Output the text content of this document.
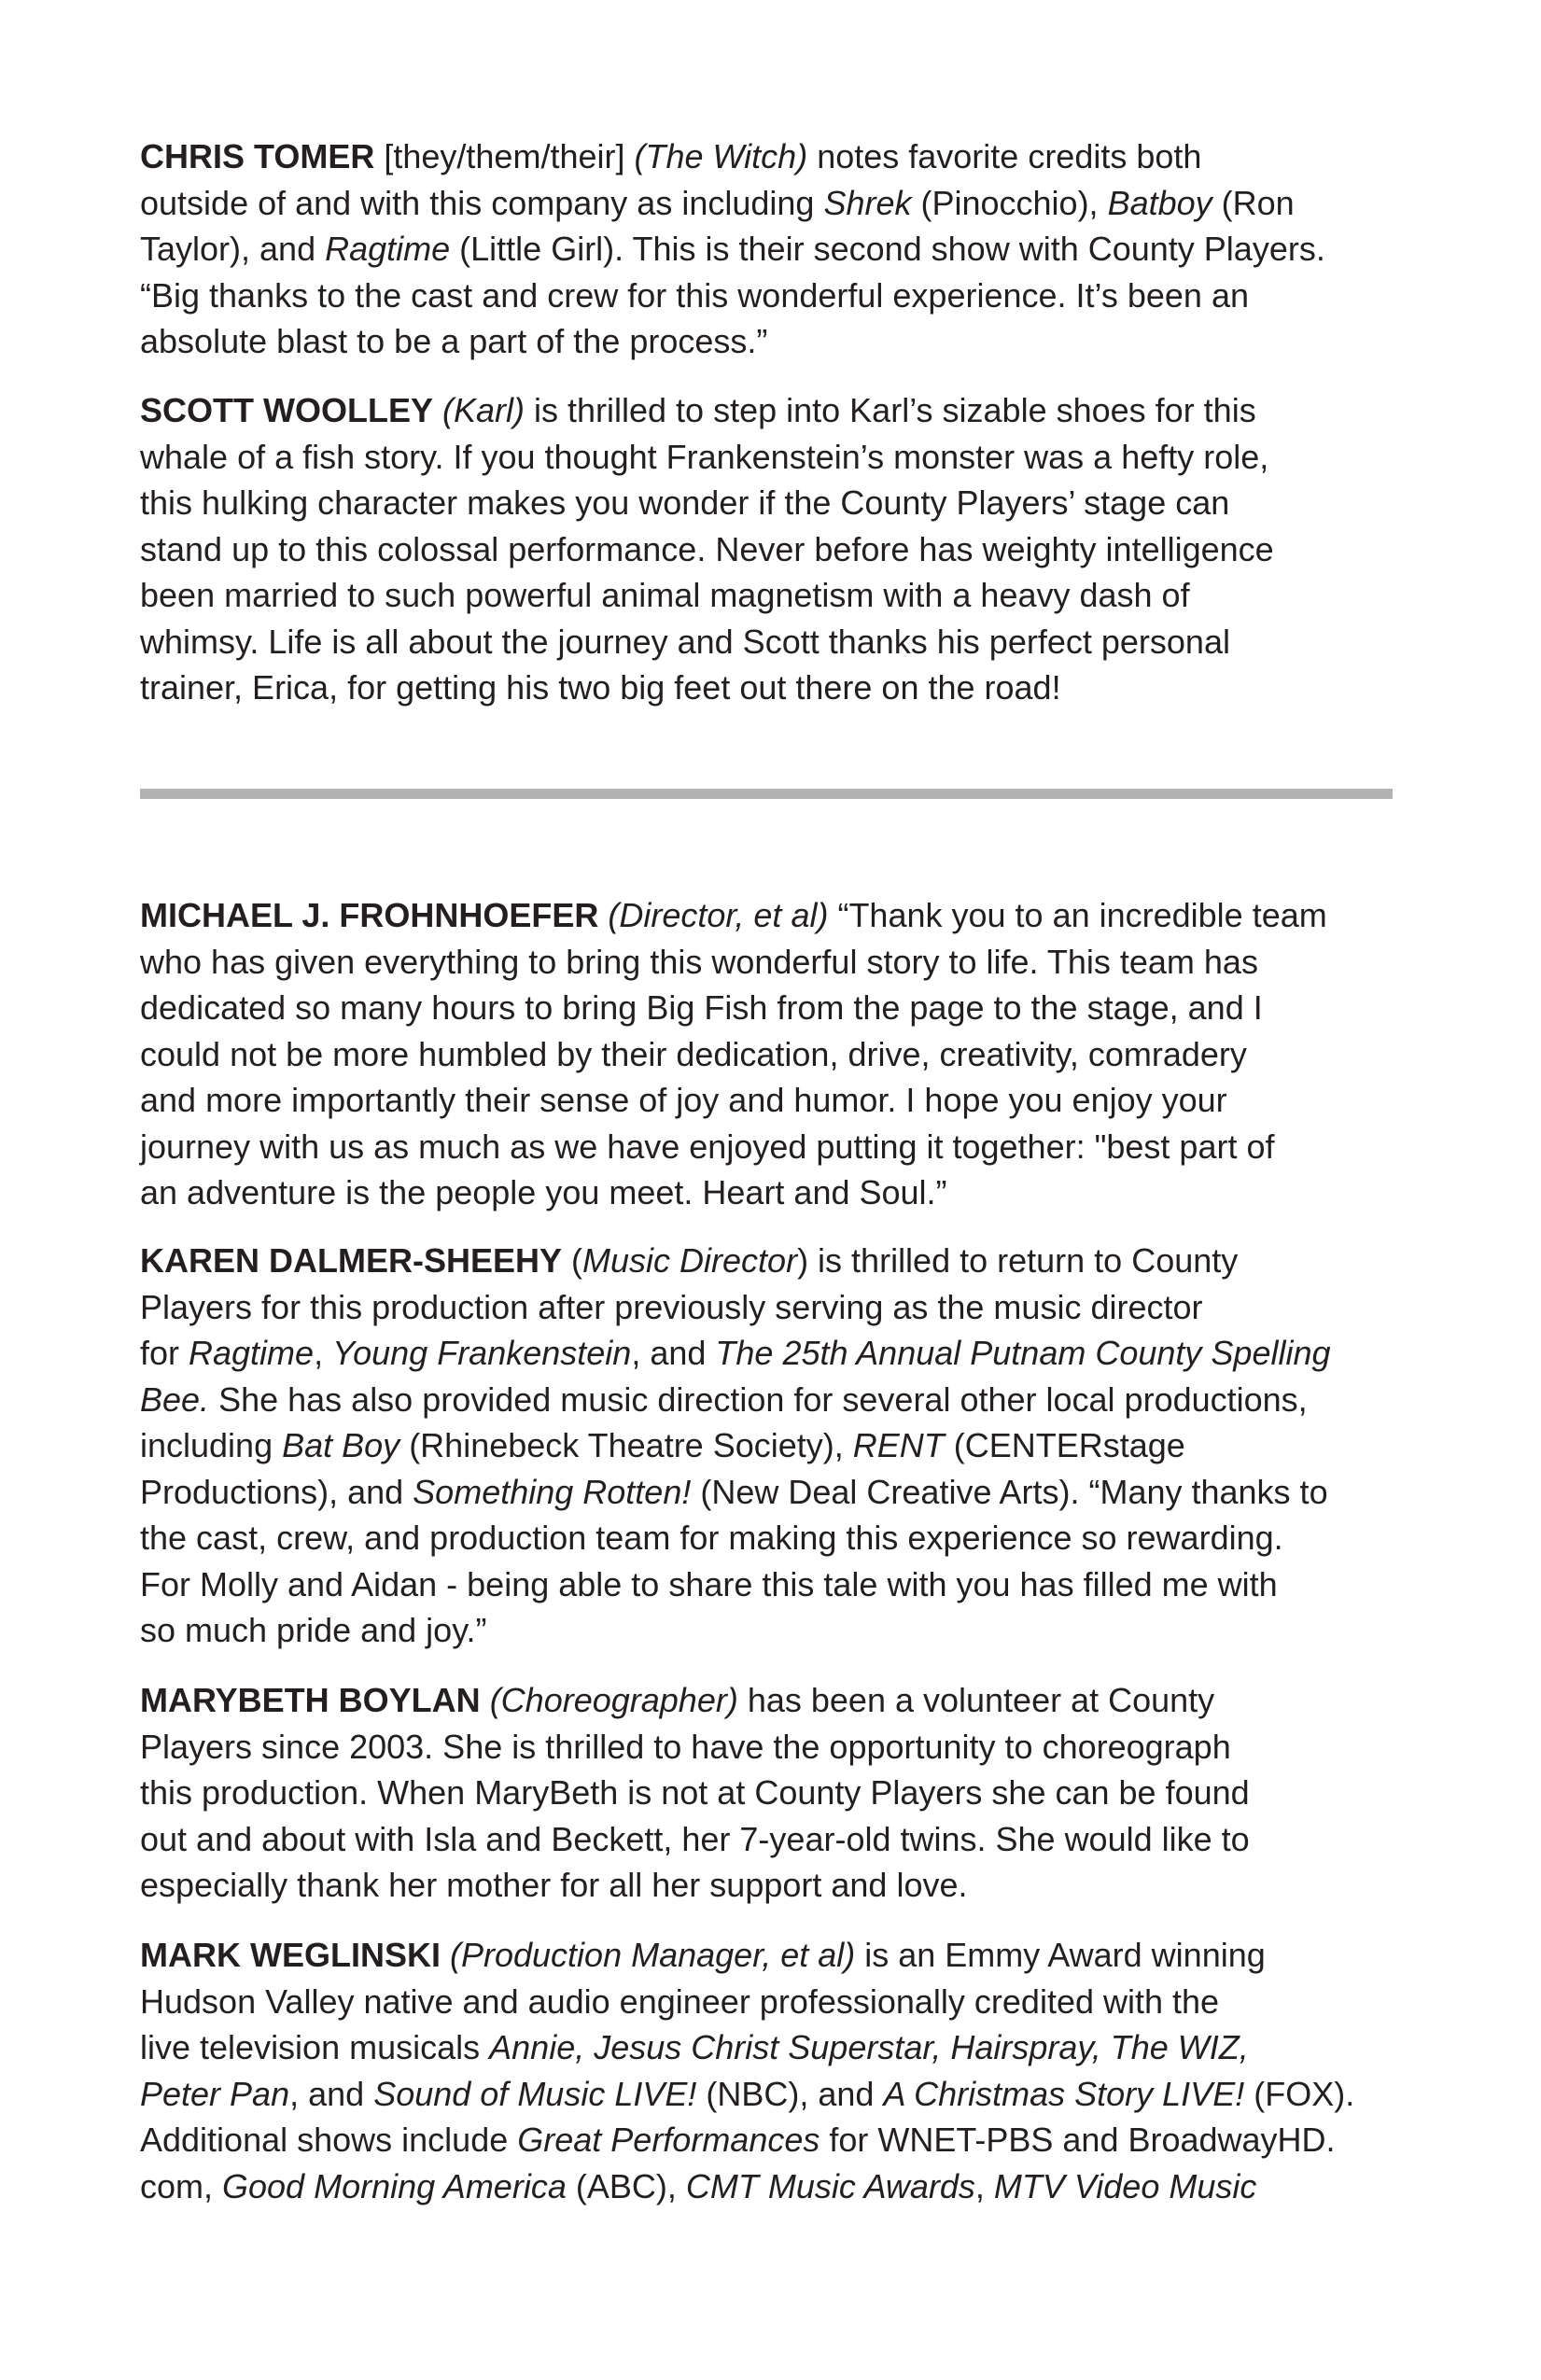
CHRIS TOMER [they/them/their] (The Witch) notes favorite credits both
outside of and with this company as including Shrek (Pinocchio), Batboy (Ron
Taylor), and Ragtime (Little Girl). This is their second show with County Players.
“Big thanks to the cast and crew for this wonderful experience. It’s been an
absolute blast to be a part of the process.”

SCOTT WOOLLEY (Karl) is thrilled to step into Karl’s sizable shoes for this
whale of a fish story. If you thought Frankenstein’s monster was a hefty role,
this hulking character makes you wonder if the County Players’ stage can
stand up to this colossal performance. Never before has weighty intelligence
been married to such powerful animal magnetism with a heavy dash of
whimsy. Life is all about the journey and Scott thanks his perfect personal
trainer, Erica, for getting his two big feet out there on the road!

MICHAEL J. FROHNHOEFER (Director, et al) “Thank you to an incredible team
who has given everything to bring this wonderful story to life. This team has
dedicated so many hours to bring Big Fish from the page to the stage, and I
could not be more humbled by their dedication, drive, creativity, comradery
and more importantly their sense of joy and humor. I hope you enjoy your
journey with us as much as we have enjoyed putting it together: "best part of
an adventure is the people you meet. Heart and Soul.”

KAREN DALMER-SHEEHY (Music Director) is thrilled to return to County
Players for this production after previously serving as the music director
for Ragtime, Young Frankenstein, and The 25th Annual Putnam County Spelling
Bee. She has also provided music direction for several other local productions,
including Bat Boy (Rhinebeck Theatre Society), RENT (CENTERstage
Productions), and Something Rotten! (New Deal Creative Arts). “Many thanks to
the cast, crew, and production team for making this experience so rewarding.
For Molly and Aidan - being able to share this tale with you has filled me with
so much pride and joy.”

MARYBETH BOYLAN (Choreographer) has been a volunteer at County
Players since 2003. She is thrilled to have the opportunity to choreograph
this production. When MaryBeth is not at County Players she can be found
out and about with Isla and Beckett, her 7-year-old twins. She would like to
especially thank her mother for all her support and love.

MARK WEGLINSKI (Production Manager, et al) is an Emmy Award winning
Hudson Valley native and audio engineer professionally credited with the
live television musicals Annie, Jesus Christ Superstar, Hairspray, The WIZ,
Peter Pan, and Sound of Music LIVE! (NBC), and A Christmas Story LIVE! (FOX).
Additional shows include Great Performances for WNET-PBS and BroadwayHD.
com, Good Morning America (ABC), CMT Music Awards, MTV Video Music
